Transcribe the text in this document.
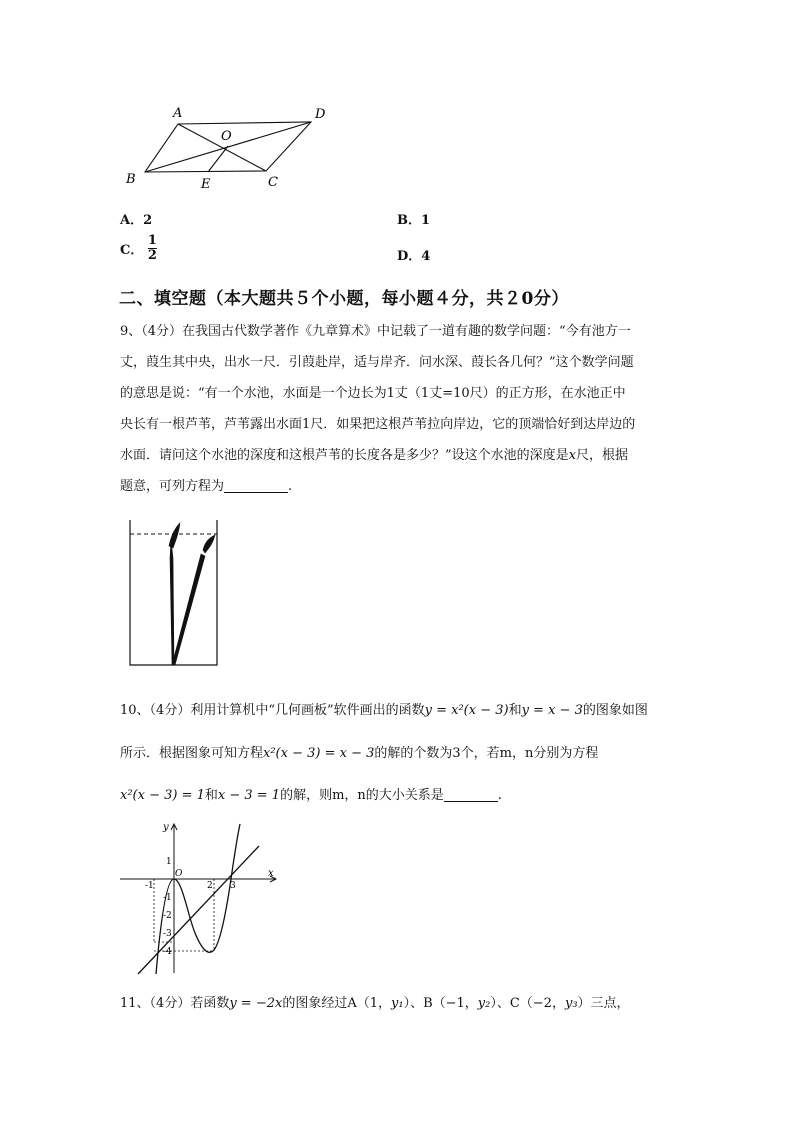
A	D
O
B	E	C
A．2	B．1
C． $\frac{1}{2}$	D．4
二、填空题（本大题共５个小题，每小题４分，共２0分）
9、（4分）在我国古代数学著作《九章算术》中记载了一道有趣的数学问题：“今有池方一
丈，葭生其中央，出水一尺．引葭赴岸，适与岸齐．问水深、葭长各几何？”这个数学问题
的意思是说：“有一个水池，水面是一个边长为1丈（1丈=10尺）的正方形，在水池正中
央长有一根芦苇，芦苇露出水面1尺．如果把这根芦苇拉向岸边，它的顶端恰好到达岸边的
水面．请问这个水池的深度和这根芦苇的长度各是多少？”设这个水池的深度是x尺，根据
题意，可列方程为	.
10、（4分）利用计算机中“几何画板”软件画出的函数y = x²(x − 3)和y = x − 3的图象如图
所示．根据图象可知方程x²(x − 3) = x − 3的解的个数为3个，若m，n分别为方程
x²(x − 3) = 1和x − 3 = 1的解，则m，n的大小关系是	.
y
x
O
-1	2 3
1
-1
-2
-3
-4
11、（4分）若函数y = −2x的图象经过A（1，y₁）、B（−1，y₂）、C（−2，y₃）三点，
